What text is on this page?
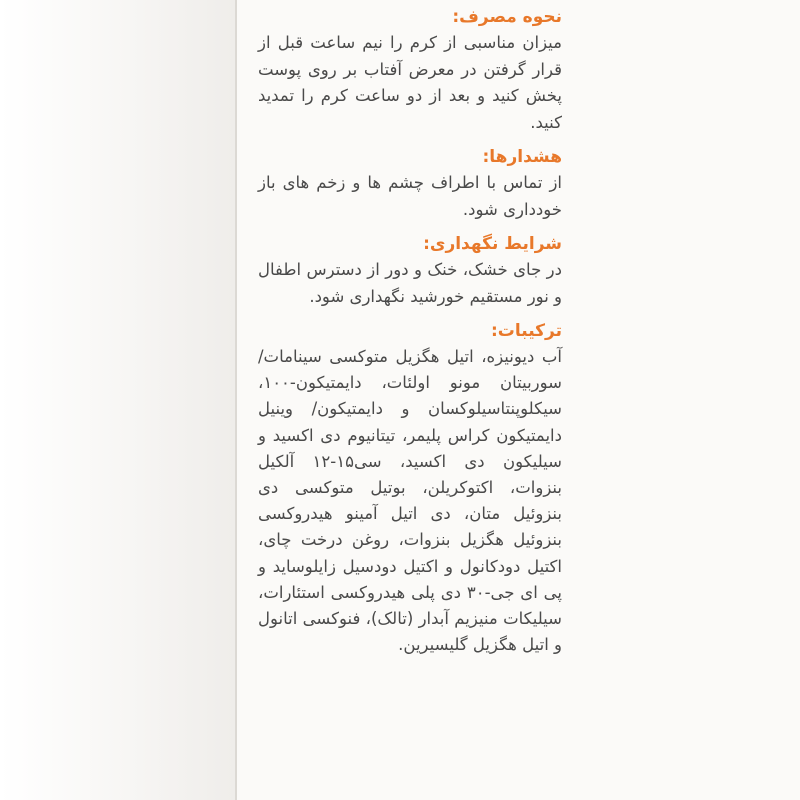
نحوه مصرف:

میزان مناسبی از کرم را نیم ساعت قبل از قرار گرفتن در معرض آفتاب بر روی پوست پخش کنید و بعد از دو ساعت کرم را تمدید کنید.

هشدارها:

از تماس با اطراف چشم ها و زخم های باز خودداری شود.

شرایط نگهداری:

در جای خشک، خنک و دور از دسترس اطفال و نور مستقیم خورشید نگهداری شود.

ترکیبات:

آب دیونیزه، اتیل هگزیل متوکسی سینامات/ سوربیتان مونو اولئات، دایمتیکون-۱۰۰، سیکلوپنتاسیلوکسان و دایمتیکون/ وینیل دایمتیکون کراس پلیمر، تیتانیوم دی اکسید و سیلیکون دی اکسید، سی۱۵-۱۲ آلکیل بنزوات، اکتوکریلن، بوتیل متوکسی دی بنزوئیل متان، دی اتیل آمینو هیدروکسی بنزوئیل هگزیل بنزوات، روغن درخت چای، اکتیل دودکانول و اکتیل دودسیل زایلوساید و پی ای جی-۳۰ دی پلی هیدروکسی استئارات، سیلیکات منیزیم آبدار (تالک)، فنوکسی اتانول و اتیل هگزیل گلیسیرین.
